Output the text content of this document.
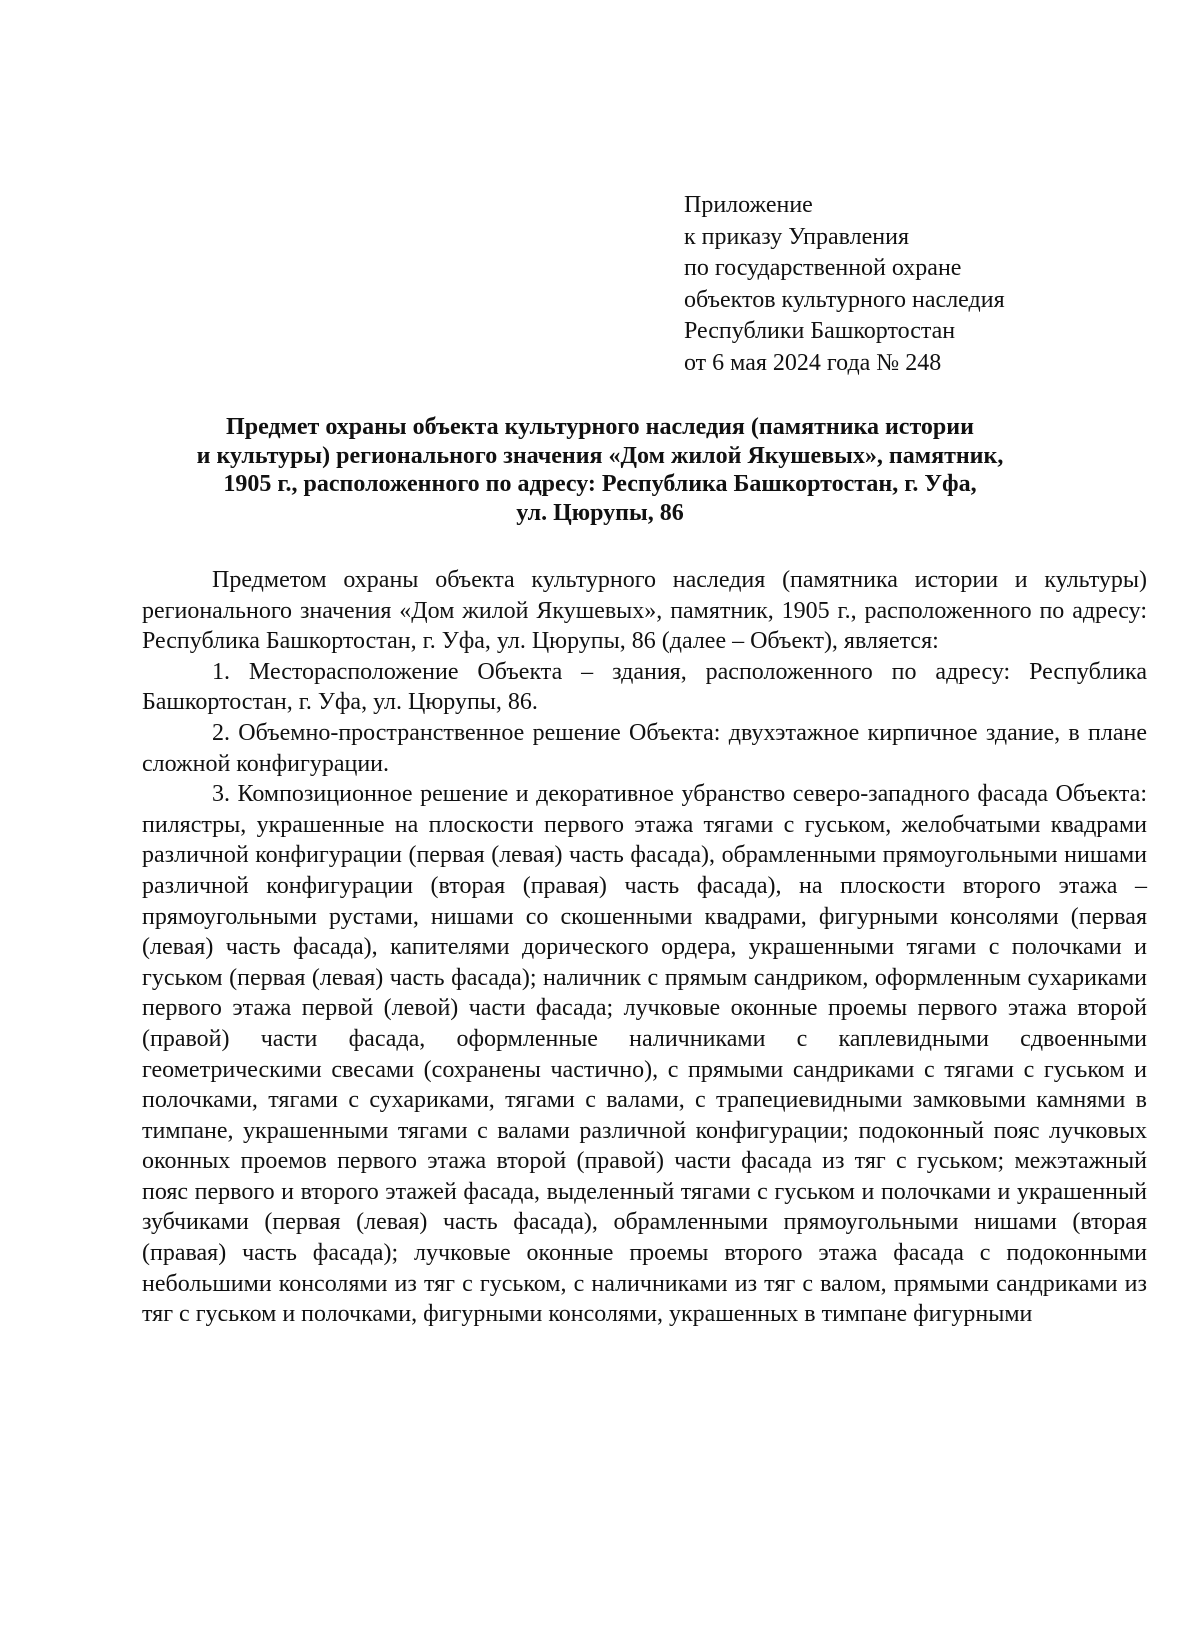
Приложение
к приказу Управления
по государственной охране
объектов культурного наследия
Республики Башкортостан
от 6 мая 2024 года № 248
Предмет охраны объекта культурного наследия (памятника истории
и культуры) регионального значения «Дом жилой Якушевых», памятник,
1905 г., расположенного по адресу: Республика Башкортостан, г. Уфа,
ул. Цюрупы, 86

Предметом охраны объекта культурного наследия (памятника истории и культуры) регионального значения «Дом жилой Якушевых», памятник, 1905 г., расположенного по адресу: Республика Башкортостан, г. Уфа, ул. Цюрупы, 86 (далее – Объект), является:

1. Месторасположение Объекта – здания, расположенного по адресу: Республика Башкортостан, г. Уфа, ул. Цюрупы, 86.

2. Объемно-пространственное решение Объекта: двухэтажное кирпичное здание, в плане сложной конфигурации.

3. Композиционное решение и декоративное убранство северо-западного фасада Объекта: пилястры, украшенные на плоскости первого этажа тягами с гуськом, желобчатыми квадрами различной конфигурации (первая (левая) часть фасада), обрамленными прямоугольными нишами различной конфигурации (вторая (правая) часть фасада), на плоскости второго этажа – прямоугольными рустами, нишами со скошенными квадрами, фигурными консолями (первая (левая) часть фасада), капителями дорического ордера, украшенными тягами с полочками и гуськом (первая (левая) часть фасада); наличник с прямым сандриком, оформленным сухариками первого этажа первой (левой) части фасада; лучковые оконные проемы первого этажа второй (правой) части фасада, оформленные наличниками с каплевидными сдвоенными геометрическими свесами (сохранены частично), с прямыми сандриками с тягами с гуськом и полочками, тягами с сухариками, тягами с валами, с трапециевидными замковыми камнями в тимпане, украшенными тягами с валами различной конфигурации; подоконный пояс лучковых оконных проемов первого этажа второй (правой) части фасада из тяг с гуськом; межэтажный пояс первого и второго этажей фасада, выделенный тягами с гуськом и полочками и украшенный зубчиками (первая (левая) часть фасада), обрамленными прямоугольными нишами (вторая (правая) часть фасада); лучковые оконные проемы второго этажа фасада с подоконными небольшими консолями из тяг с гуськом, с наличниками из тяг с валом, прямыми сандриками из тяг с гуськом и полочками, фигурными консолями, украшенных в тимпане фигурными
